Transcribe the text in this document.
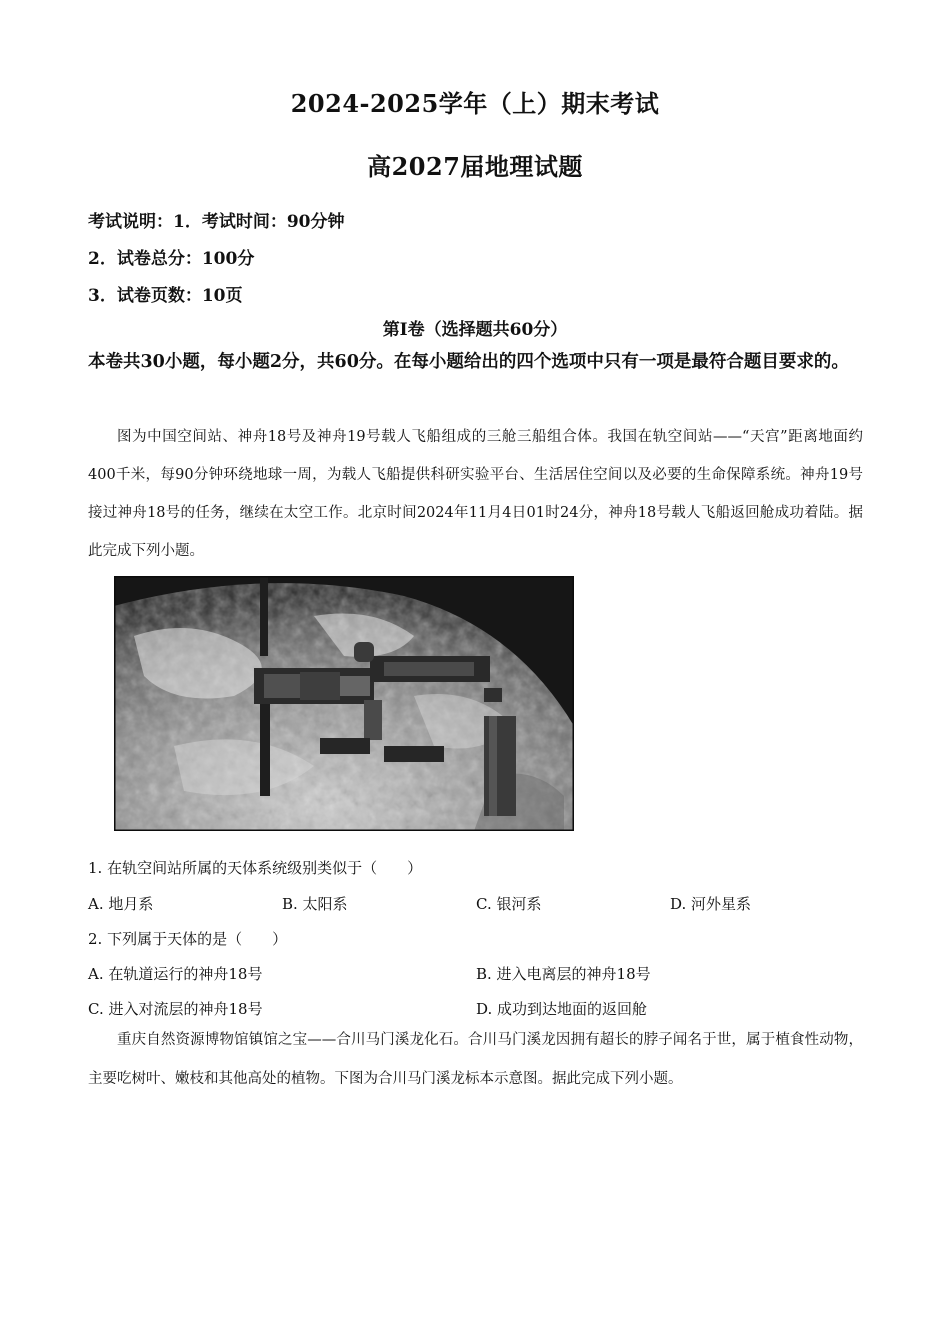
2024-2025学年（上）期末考试
高2027届地理试题
考试说明：1．考试时间：90分钟
2．试卷总分：100分
3．试卷页数：10页
第Ⅰ卷（选择题共60分）
本卷共30小题，每小题2分，共60分。在每小题给出的四个选项中只有一项是最符合题目要求的。
图为中国空间站、神舟18号及神舟19号载人飞船组成的三舱三船组合体。我国在轨空间站——“天宫”距离地面约400千米，每90分钟环绕地球一周，为载人飞船提供科研实验平台、生活居住空间以及必要的生命保障系统。神舟19号接过神舟18号的任务，继续在太空工作。北京时间2024年11月4日01时24分，神舟18号载人飞船返回舱成功着陆。据此完成下列小题。
1. 在轨空间站所属的天体系统级别类似于（　　）
A. 地月系	B. 太阳系	C. 银河系	D. 河外星系
2. 下列属于天体的是（　　）
A. 在轨道运行的神舟18号	B. 进入电离层的神舟18号
C. 进入对流层的神舟18号	D. 成功到达地面的返回舱
重庆自然资源博物馆镇馆之宝——合川马门溪龙化石。合川马门溪龙因拥有超长的脖子闻名于世，属于植食性动物，主要吃树叶、嫩枝和其他高处的植物。下图为合川马门溪龙标本示意图。据此完成下列小题。
